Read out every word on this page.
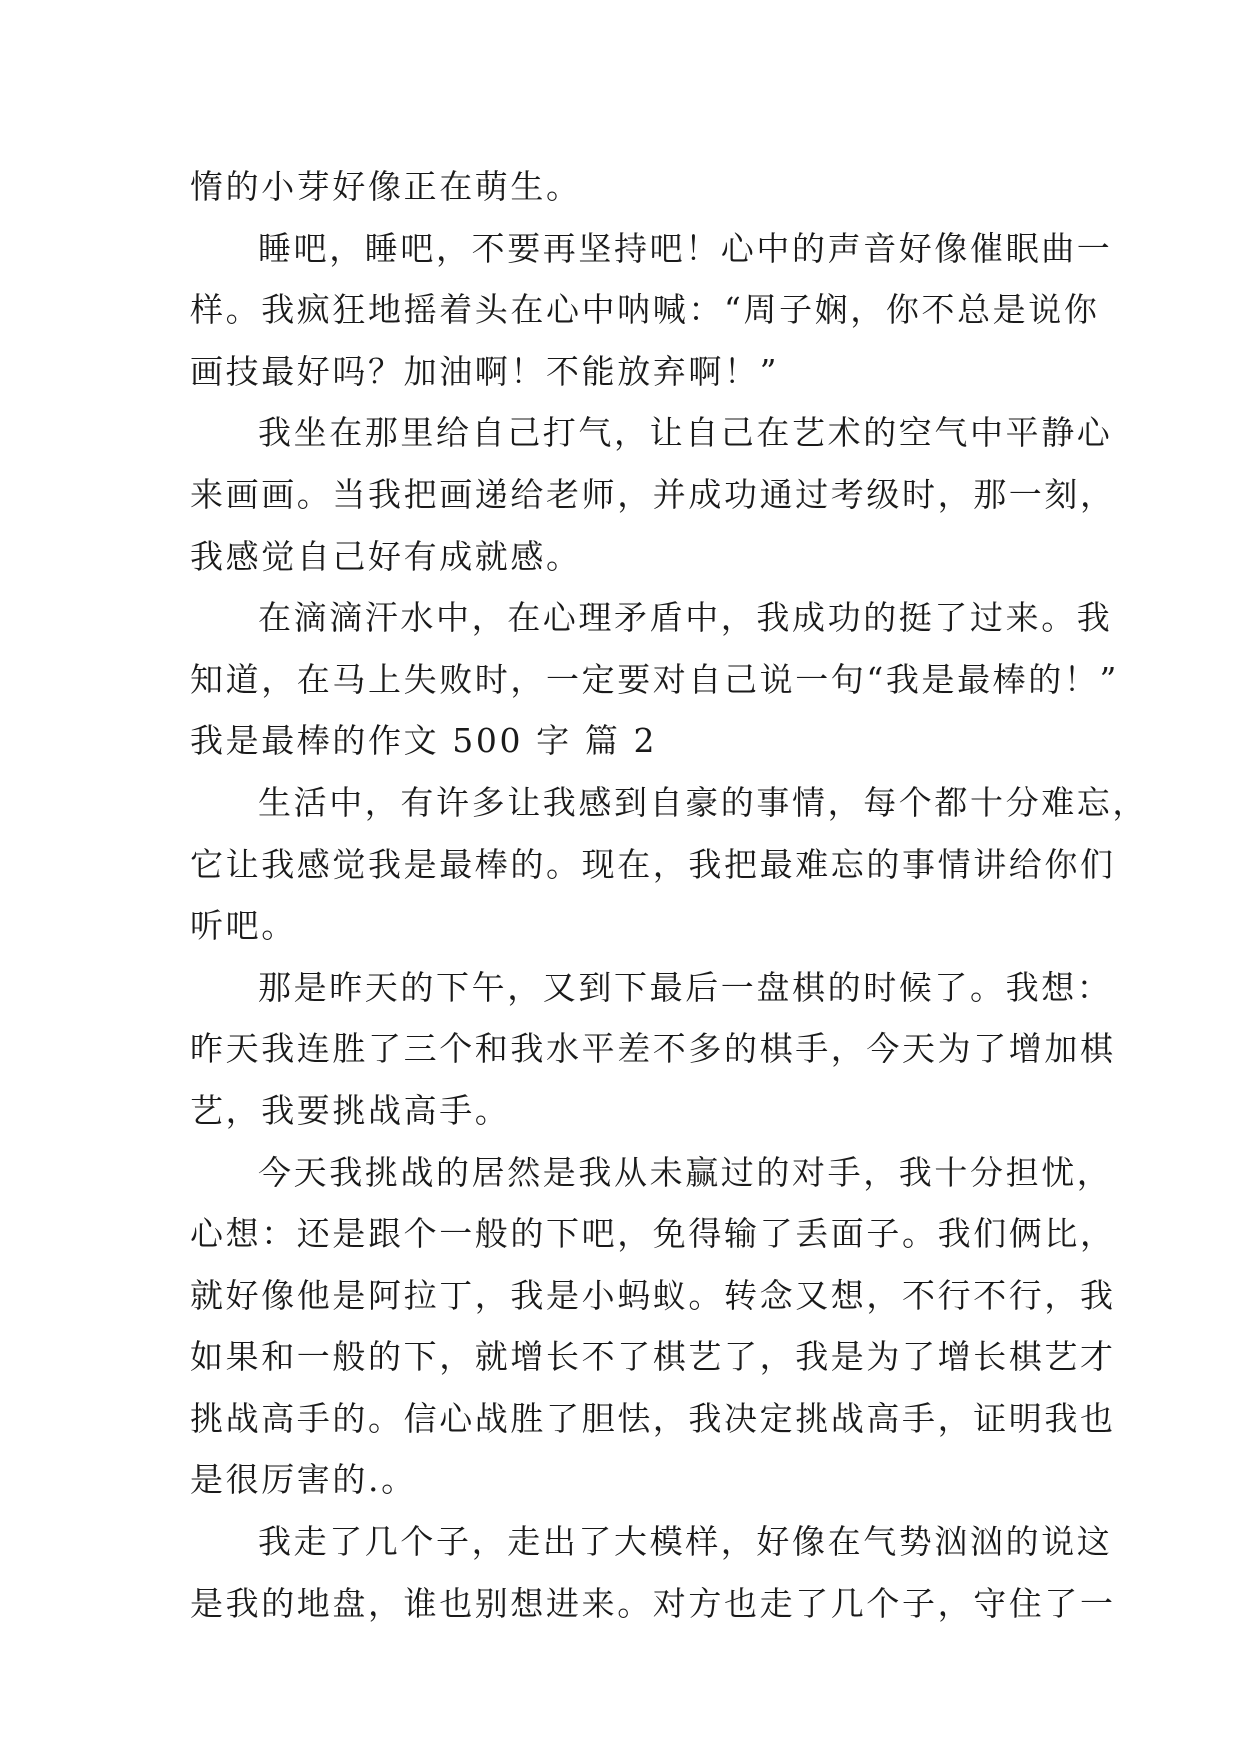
惰的小芽好像正在萌生。
睡吧，睡吧，不要再坚持吧！心中的声音好像催眠曲一
样。我疯狂地摇着头在心中呐喊：“周子娴，你不总是说你
画技最好吗？加油啊！不能放弃啊！”
我坐在那里给自己打气，让自己在艺术的空气中平静心
来画画。当我把画递给老师，并成功通过考级时，那一刻，
我感觉自己好有成就感。
在滴滴汗水中，在心理矛盾中，我成功的挺了过来。我
知道，在马上失败时，一定要对自己说一句“我是最棒的！”
我是最棒的作文 500 字 篇 2
生活中，有许多让我感到自豪的事情，每个都十分难忘，
它让我感觉我是最棒的。现在，我把最难忘的事情讲给你们
听吧。
那是昨天的下午，又到下最后一盘棋的时候了。我想：
昨天我连胜了三个和我水平差不多的棋手，今天为了增加棋
艺，我要挑战高手。
今天我挑战的居然是我从未赢过的对手，我十分担忧，
心想：还是跟个一般的下吧，免得输了丢面子。我们俩比，
就好像他是阿拉丁，我是小蚂蚁。转念又想，不行不行，我
如果和一般的下，就增长不了棋艺了，我是为了增长棋艺才
挑战高手的。信心战胜了胆怯，我决定挑战高手，证明我也
是很厉害的.。
我走了几个子，走出了大模样，好像在气势汹汹的说这
是我的地盘，谁也别想进来。对方也走了几个子，守住了一
